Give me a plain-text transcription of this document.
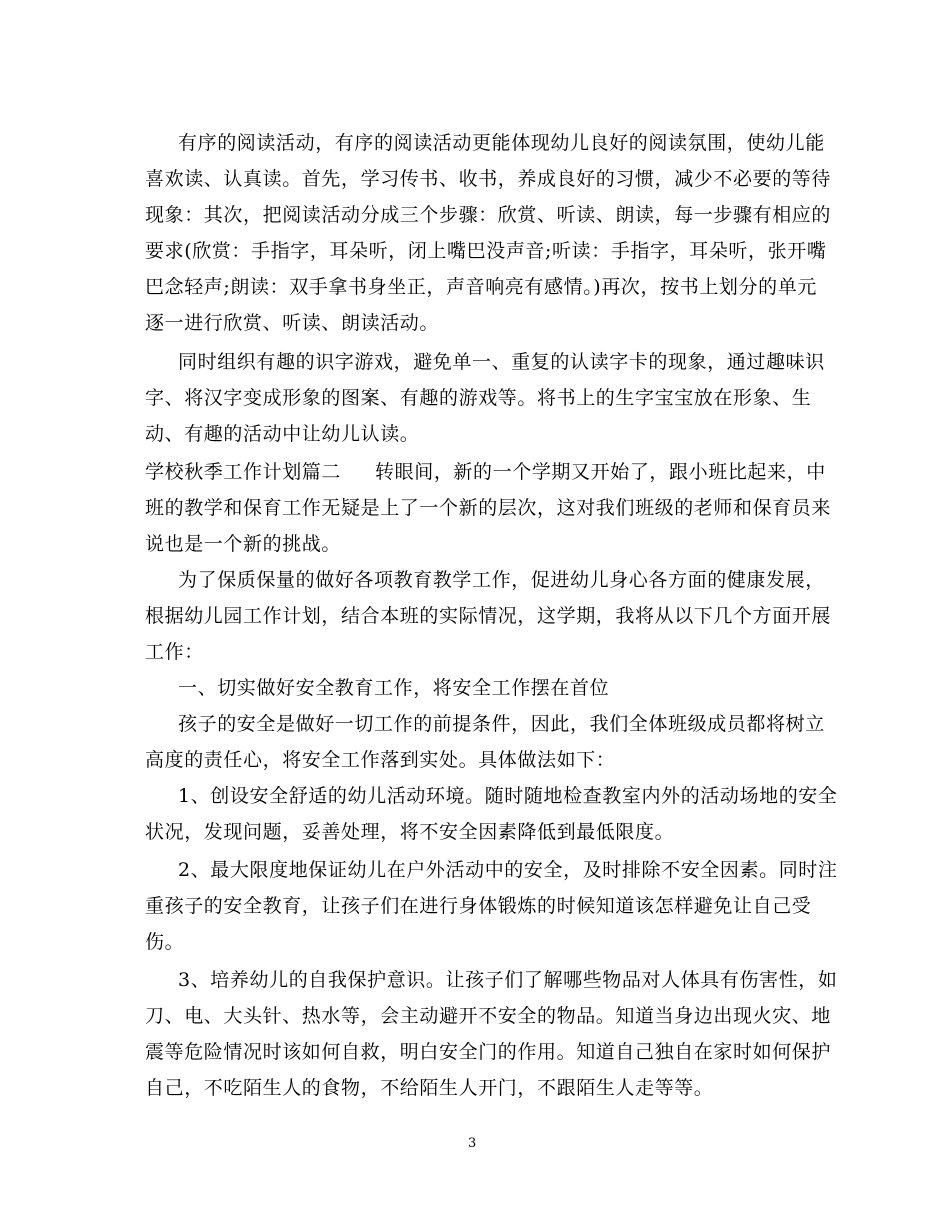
有序的阅读活动，有序的阅读活动更能体现幼儿良好的阅读氛围，使幼儿能
喜欢读、认真读。首先，学习传书、收书，养成良好的习惯，减少不必要的等待
现象：其次，把阅读活动分成三个步骤：欣赏、听读、朗读，每一步骤有相应的
要求(欣赏：手指字，耳朵听，闭上嘴巴没声音;听读：手指字，耳朵听，张开嘴
巴念轻声;朗读：双手拿书身坐正，声音响亮有感情。)再次，按书上划分的单元
逐一进行欣赏、听读、朗读活动。
同时组织有趣的识字游戏，避免单一、重复的认读字卡的现象，通过趣味识
字、将汉字变成形象的图案、有趣的游戏等。将书上的生字宝宝放在形象、生
动、有趣的活动中让幼儿认读。
学校秋季工作计划篇二 转眼间，新的一个学期又开始了，跟小班比起来，中
班的教学和保育工作无疑是上了一个新的层次，这对我们班级的老师和保育员来
说也是一个新的挑战。
为了保质保量的做好各项教育教学工作，促进幼儿身心各方面的健康发展，
根据幼儿园工作计划，结合本班的实际情况，这学期，我将从以下几个方面开展
工作：
一、切实做好安全教育工作，将安全工作摆在首位
孩子的安全是做好一切工作的前提条件，因此，我们全体班级成员都将树立
高度的责任心，将安全工作落到实处。具体做法如下：
1、创设安全舒适的幼儿活动环境。随时随地检查教室内外的活动场地的安全
状况，发现问题，妥善处理，将不安全因素降低到最低限度。
2、最大限度地保证幼儿在户外活动中的安全，及时排除不安全因素。同时注
重孩子的安全教育，让孩子们在进行身体锻炼的时候知道该怎样避免让自己受
伤。
3、培养幼儿的自我保护意识。让孩子们了解哪些物品对人体具有伤害性，如
刀、电、大头针、热水等，会主动避开不安全的物品。知道当身边出现火灾、地
震等危险情况时该如何自救，明白安全门的作用。知道自己独自在家时如何保护
自己，不吃陌生人的食物，不给陌生人开门，不跟陌生人走等等。
3
